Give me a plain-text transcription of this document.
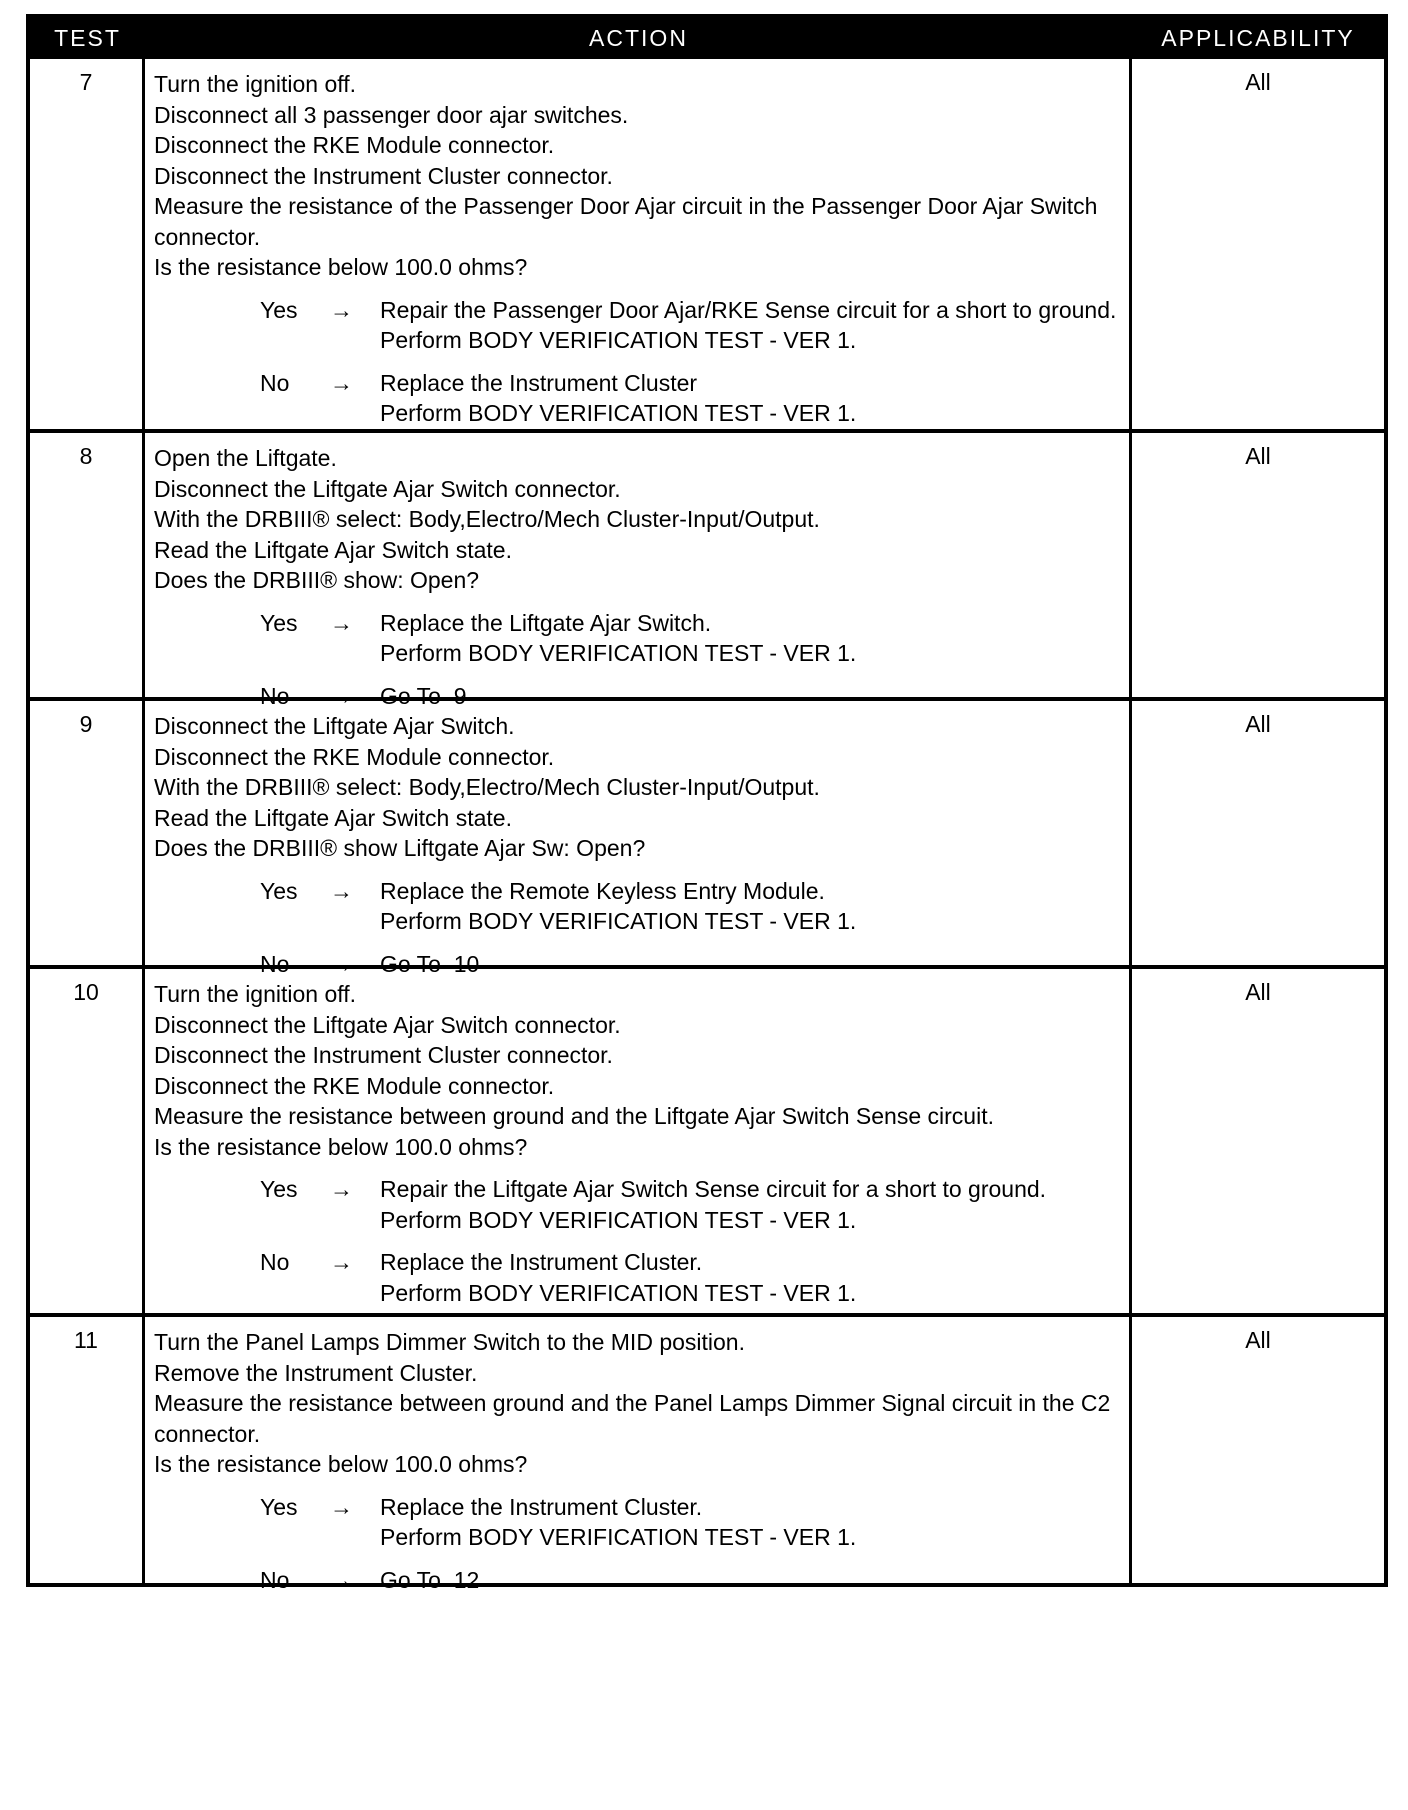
TEST	ACTION	APPLICABILITY
7	Turn the ignition off.
Disconnect all 3 passenger door ajar switches.
Disconnect the RKE Module connector.
Disconnect the Instrument Cluster connector.
Measure the resistance of the Passenger Door Ajar circuit in the Passenger Door Ajar Switch connector.
Is the resistance below 100.0 ohms?
Yes	→	Repair the Passenger Door Ajar/RKE Sense circuit for a short to ground.
Perform BODY VERIFICATION TEST - VER 1.
No	→	Replace the Instrument Cluster
Perform BODY VERIFICATION TEST - VER 1.
All
8	Open the Liftgate.
Disconnect the Liftgate Ajar Switch connector.
With the DRBIII® select: Body,Electro/Mech Cluster-Input/Output.
Read the Liftgate Ajar Switch state.
Does the DRBIII® show: Open?
Yes	→	Replace the Liftgate Ajar Switch.
Perform BODY VERIFICATION TEST - VER 1.
No	→	Go To  9
All
9	Disconnect the Liftgate Ajar Switch.
Disconnect the RKE Module connector.
With the DRBIII® select: Body,Electro/Mech Cluster-Input/Output.
Read the Liftgate Ajar Switch state.
Does the DRBIII® show Liftgate Ajar Sw: Open?
Yes	→	Replace the Remote Keyless Entry Module.
Perform BODY VERIFICATION TEST - VER 1.
No	→	Go To  10
All
10	Turn the ignition off.
Disconnect the Liftgate Ajar Switch connector.
Disconnect the Instrument Cluster connector.
Disconnect the RKE Module connector.
Measure the resistance between ground and the Liftgate Ajar Switch Sense circuit.
Is the resistance below 100.0 ohms?
Yes	→	Repair the Liftgate Ajar Switch Sense circuit for a short to ground.
Perform BODY VERIFICATION TEST - VER 1.
No	→	Replace the Instrument Cluster.
Perform BODY VERIFICATION TEST - VER 1.
All
11	Turn the Panel Lamps Dimmer Switch to the MID position.
Remove the Instrument Cluster.
Measure the resistance between ground and the Panel Lamps Dimmer Signal circuit in the C2 connector.
Is the resistance below 100.0 ohms?
Yes	→	Replace the Instrument Cluster.
Perform BODY VERIFICATION TEST - VER 1.
No	→	Go To  12
All
